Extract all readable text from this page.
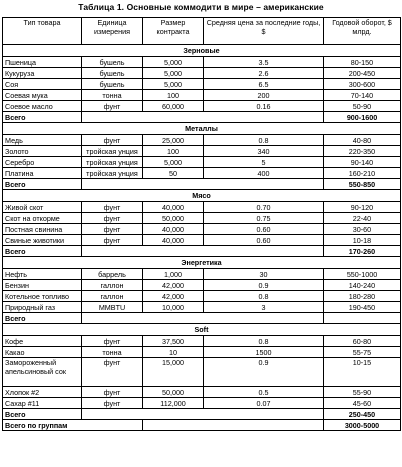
Таблица 1. Основные коммодити в мире – американские
Тип товара	Единица измерения	Размер контракта	Средняя цена за последние годы, $	Годовой оборот, $ млрд.
Зерновые				
Пшеница	бушель	5,000	3.5	80-150
Кукуруза	бушель	5,000	2.6	200-450
Соя	бушель	5,000	6.5	300-600
Соевая мука	тонна	100	200	70-140
Соевое масло	фунт	60,000	0.16	50-90
Всего				900-1600
Металлы				
Медь	фунт	25,000	0.8	40-80
Золото	тройская унция	100	340	220-350
Серебро	тройская унция	5,000	5	90-140
Платина	тройская унция	50	400	160-210
Всего				550-850
Мясо				
Живой скот	фунт	40,000	0.70	90-120
Скот на откорме	фунт	50,000	0.75	22-40
Постная свинина	фунт	40,000	0.60	30-60
Свиные животики	фунт	40,000	0.60	10-18
Всего				170-260
Энергетика				
Нефть	баррель	1,000	30	550-1000
Бензин	галлон	42,000	0.9	140-240
Котельное топливо	галлон	42,000	0.8	180-280
Природный газ	MMBTU	10,000	3	190-450
Всего				
Soft				
Кофе	фунт	37,500	0.8	60-80
Какао	тонна	10	1500	55-75
Замороженный апельсиновый сок	фунт	15,000	0.9	10-15
Хлопок #2	фунт	50,000	0.5	55-90
Сахар #11	фунт	112,000	0.07	45-60
Всего				250-450
Всего по группам				3000-5000
